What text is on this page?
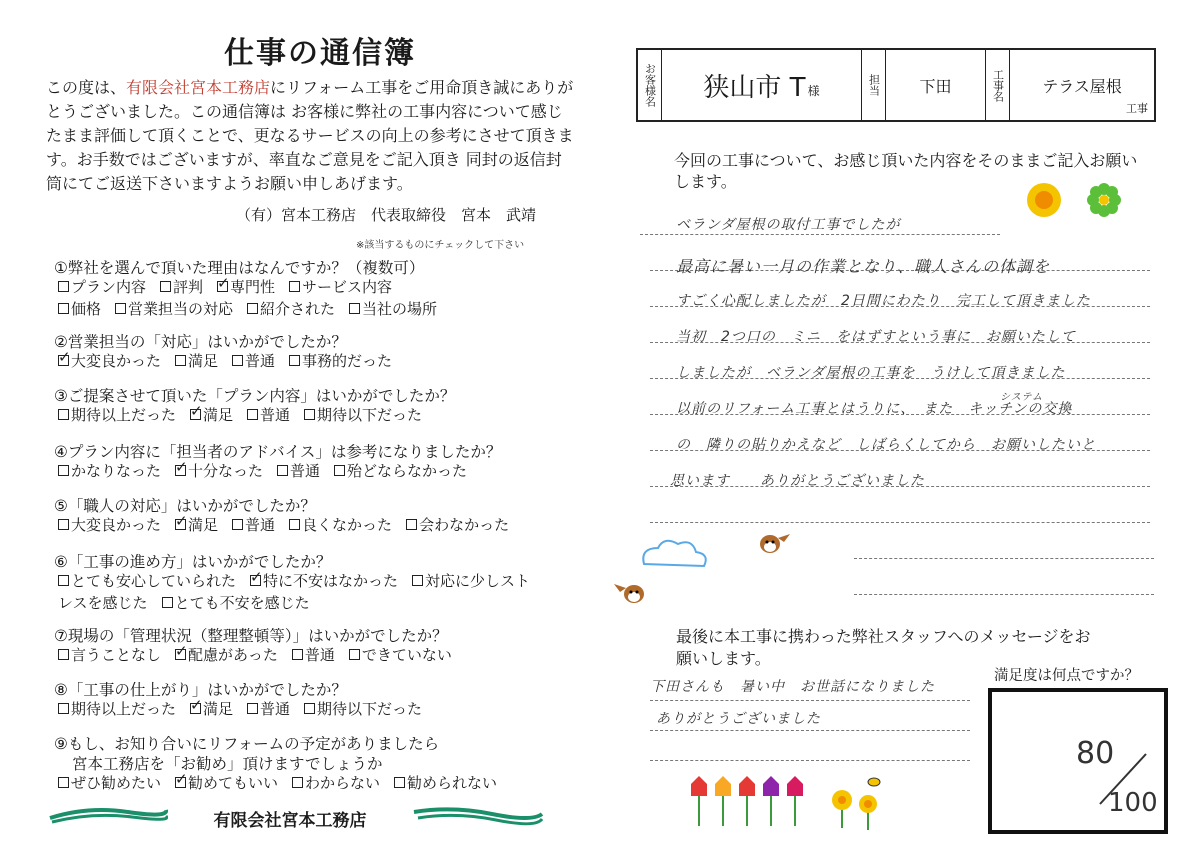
仕事の通信簿
この度は、有限会社宮本工務店にリフォーム工事をご用命頂き誠にありがとうございました。この通信簿は お客様に弊社の工事内容について感じたまま評価して頂くことで、更なるサービスの向上の参考にさせて頂きます。お手数ではございますが、率直なご意見をご記入頂き 同封の返信封筒にてご返送下さいますようお願い申しあげます。
（有）宮本工務店　代表取締役　宮本　武靖
※該当するものにチェックして下さい
①弊社を選んで頂いた理由はなんですか？（複数可）
プラン内容 評判 ✓ 専門性 サービス内容
価格 営業担当の対応 紹介された 当社の場所
②営業担当の「対応」はいかがでしたか？
✓大変良かった 満足 普通 事務的だった
③ご提案させて頂いた「プラン内容」はいかがでしたか？
期待以上だった ✓ 満足 普通 期待以下だった
④プラン内容に「担当者のアドバイス」は参考になりましたか？
かなりなった ✓ 十分なった 普通 殆どならなかった
⑤「職人の対応」はいかがでしたか？
大変良かった ✓ 満足 普通 良くなかった 会わなかった
⑥「工事の進め方」はいかがでしたか？
とても安心していられた ✓ 特に不安はなかった 対応に少しスト
レスを感じた とても不安を感じた
⑦現場の「管理状況（整理整頓等）」はいかがでしたか？
言うことなし ✓ 配慮があった 普通 できていない
⑧「工事の仕上がり」はいかがでしたか？
期待以上だった ✓ 満足 普通 期待以下だった
⑨もし、お知り合いにリフォームの予定がありましたら
宮本工務店を「お勧め」頂けますでしょうか
ぜひ勧めたい ✓ 勧めてもいい わからない 勧められない
有限会社宮本工務店
お客様名 狭山市 T 様	担当	下田	工事名	テラス屋根
工事
今回の工事について、お感じ頂いた内容をそのままご記入お願いします。
ベランダ屋根の取付工事でしたが
最高に暑い一月の作業となり、職人さんの体調を
すごく心配しましたが　2日間にわたり　完工して頂きました
当初　2つ口の　ミニ　をはずすという事に　お願いたして
しましたが　ベランダ屋根の工事を　うけして頂きました
以前のリフォーム工事とはうりに、　また　キッチンの交換
の　隣りの貼りかえなど　しばらくしてから　お願いしたいと
思います　　ありがとうございました
システム
最後に本工事に携わった弊社スタッフへのメッセージをお願いします。
満足度は何点ですか？
80
100
下田さんも　暑い中　お世話になりました
ありがとうございました
